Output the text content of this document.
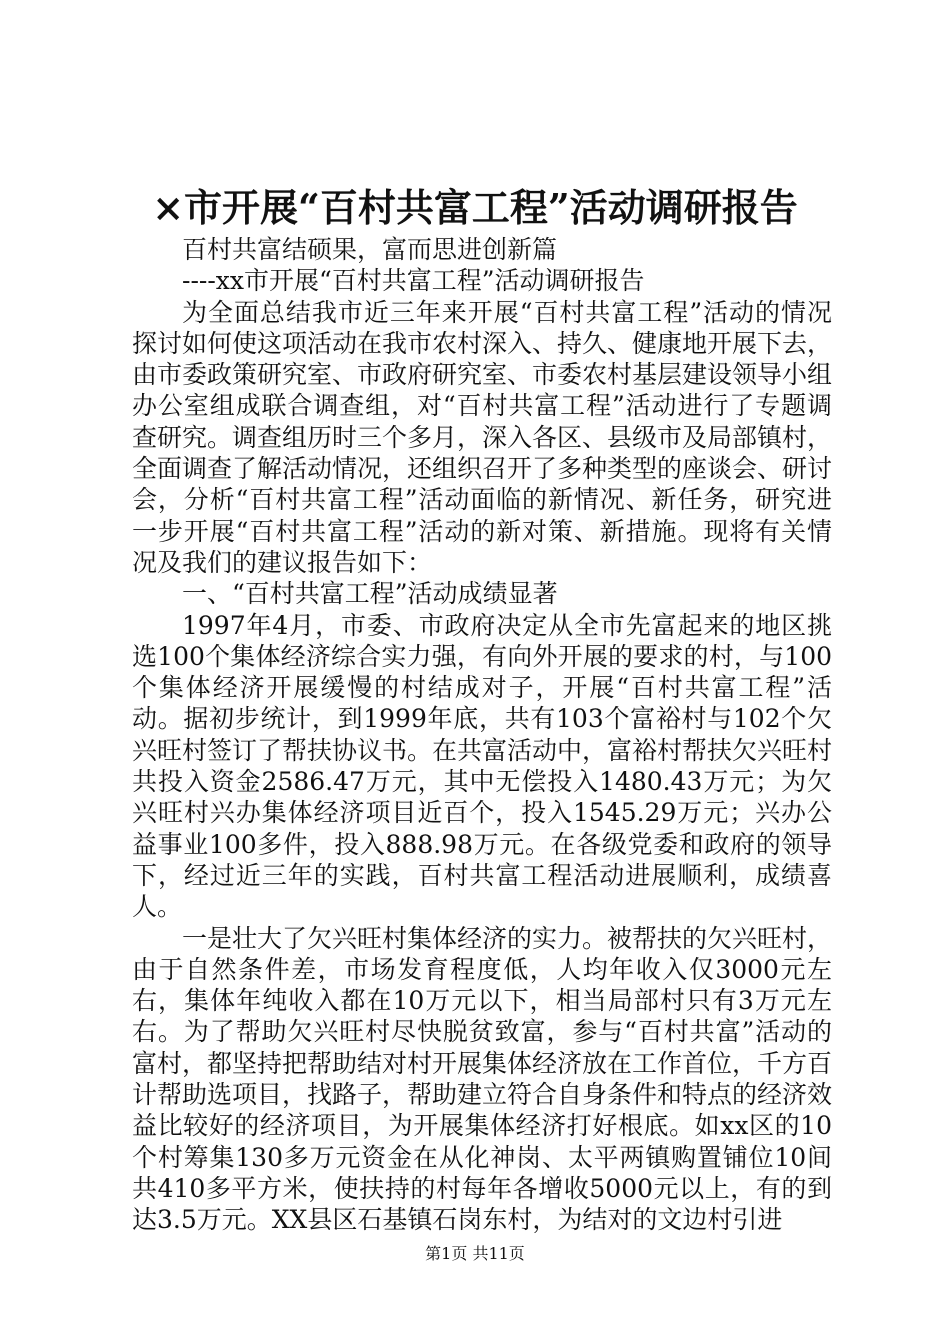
×市开展“百村共富工程”活动调研报告

百村共富结硕果，富而思进创新篇

----xx市开展“百村共富工程”活动调研报告

为全面总结我市近三年来开展“百村共富工程”活动的情况探讨如何使这项活动在我市农村深入、持久、健康地开展下去，由市委政策研究室、市政府研究室、市委农村基层建设领导小组办公室组成联合调查组，对“百村共富工程”活动进行了专题调查研究。调查组历时三个多月，深入各区、县级市及局部镇村，全面调查了解活动情况，还组织召开了多种类型的座谈会、研讨会，分析“百村共富工程”活动面临的新情况、新任务，研究进一步开展“百村共富工程”活动的新对策、新措施。现将有关情况及我们的建议报告如下：

一、“百村共富工程”活动成绩显著

1997年4月，市委、市政府决定从全市先富起来的地区挑选100个集体经济综合实力强，有向外开展的要求的村，与100个集体经济开展缓慢的村结成对子，开展“百村共富工程”活动。据初步统计，到1999年底，共有103个富裕村与102个欠兴旺村签订了帮扶协议书。在共富活动中，富裕村帮扶欠兴旺村共投入资金2586.47万元，其中无偿投入1480.43万元；为欠兴旺村兴办集体经济项目近百个，投入1545.29万元；兴办公益事业100多件，投入888.98万元。在各级党委和政府的领导下，经过近三年的实践，百村共富工程活动进展顺利，成绩喜人。

一是壮大了欠兴旺村集体经济的实力。被帮扶的欠兴旺村，由于自然条件差，市场发育程度低，人均年收入仅3000元左右，集体年纯收入都在10万元以下，相当局部村只有3万元左右。为了帮助欠兴旺村尽快脱贫致富，参与“百村共富”活动的富村，都坚持把帮助结对村开展集体经济放在工作首位，千方百计帮助选项目，找路子，帮助建立符合自身条件和特点的经济效益比较好的经济项目，为开展集体经济打好根底。如xx区的10个村筹集130多万元资金在从化神岗、太平两镇购置铺位10间共410多平方米，使扶持的村每年各增收5000元以上，有的到达3.5万元。XX县区石基镇石岗东村，为结对的文边村引进

第1页 共11页
